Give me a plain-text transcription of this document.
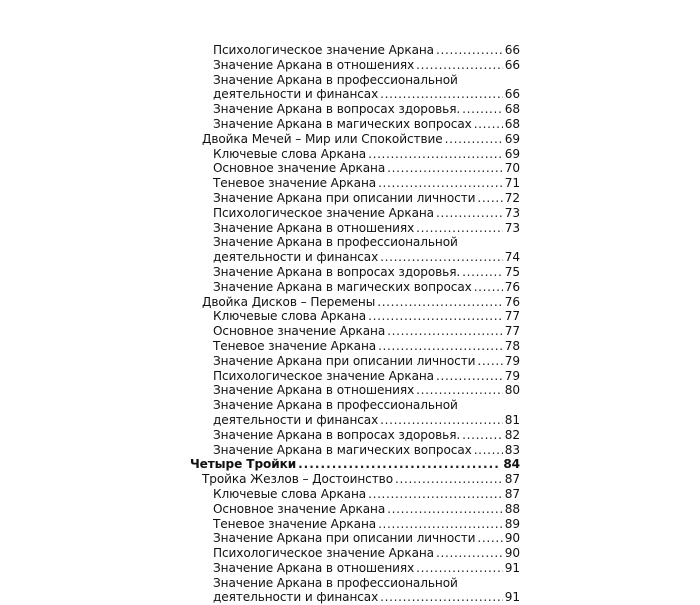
Психологическое значение Аркана . . .	66
Значение Аркана в отношениях . . .	66
Значение Аркана в профессиональной
деятельности и финансах . . .	66
Значение Аркана в вопросах здоровья. . . .	68
Значение Аркана в магических вопросах . . .	68
Двойка Мечей – Мир или Спокойствие . . .	69
Ключевые слова Аркана . . .	69
Основное значение Аркана . . .	70
Теневое значение Аркана . . .	71
Значение Аркана при описании личности . . . 72
Психологическое значение Аркана . . .	73
Значение Аркана в отношениях . . .	73
Значение Аркана в профессиональной
деятельности и финансах . . .	74
Значение Аркана в вопросах здоровья. . . .	75
Значение Аркана в магических вопросах . . .	76
Двойка Дисков – Перемены . . .	76
Ключевые слова Аркана . . .	77
Основное значение Аркана . . .	77
Теневое значение Аркана . . .	78
Значение Аркана при описании личности . . . 79
Психологическое значение Аркана . . .	79
Значение Аркана в отношениях . . .	80
Значение Аркана в профессиональной
деятельности и финансах . . .	81
Значение Аркана в вопросах здоровья. . . .	82
Значение Аркана в магических вопросах . . .	83
Четыре Тройки . . .	84
Тройка Жезлов – Достоинство . . .	87
Ключевые слова Аркана . . .	87
Основное значение Аркана . . .	88
Теневое значение Аркана . . .	89
Значение Аркана при описании личности . . . 90
Психологическое значение Аркана . . .	90
Значение Аркана в отношениях . . .	91
Значение Аркана в профессиональной
деятельности и финансах . . .	91
